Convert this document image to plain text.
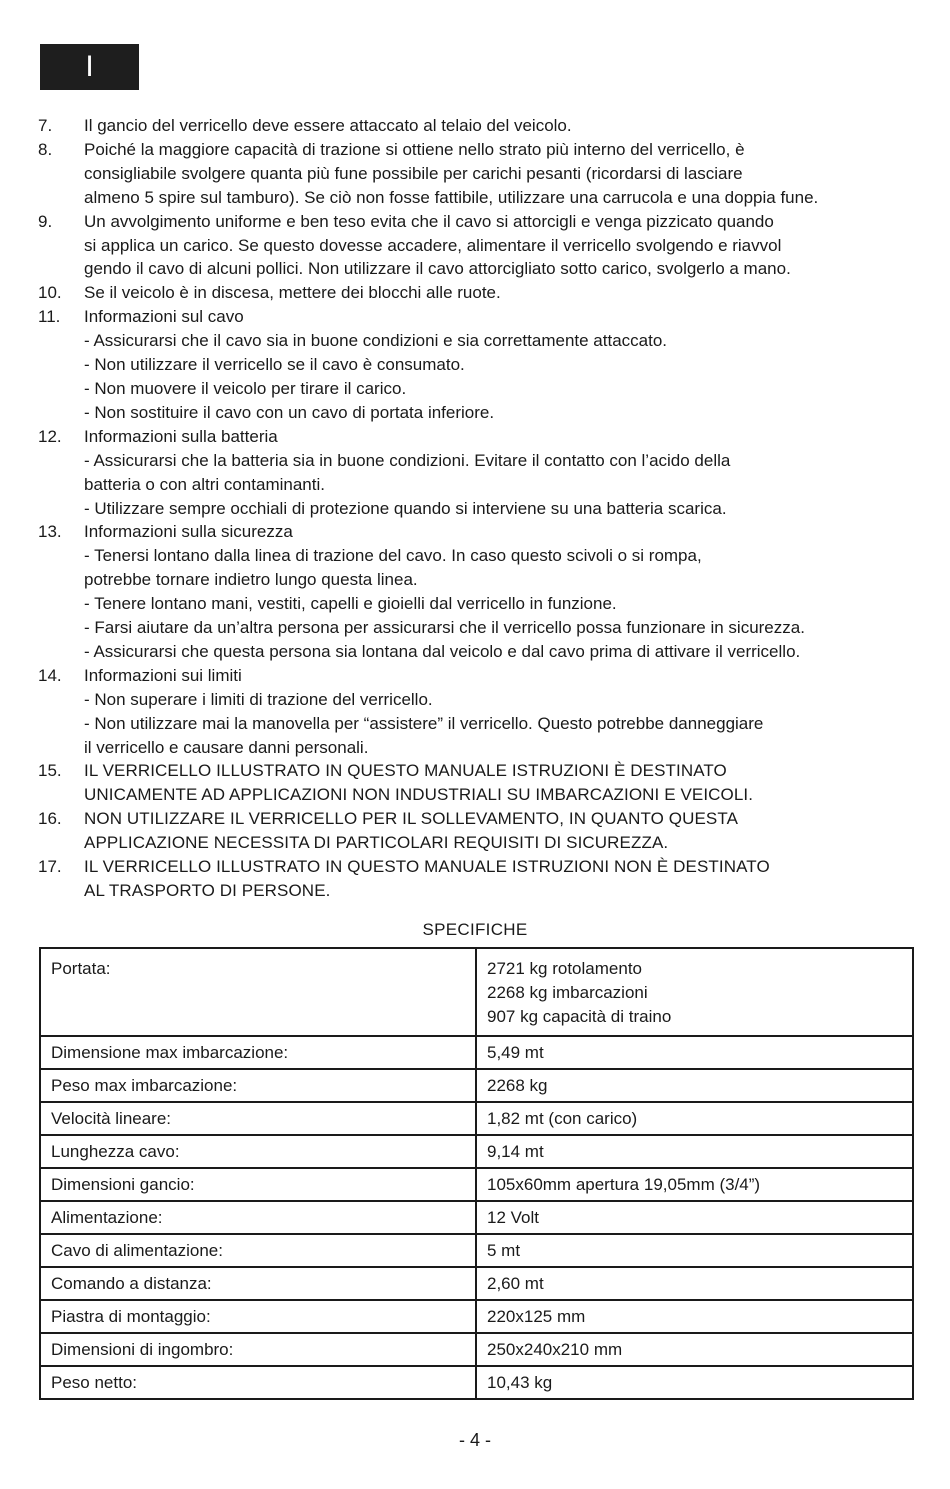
I
7.	Il gancio del verricello deve essere attaccato al telaio del veicolo.
8.	Poiché la maggiore capacità di trazione si ottiene nello strato più interno del verricello, è
consigliabile svolgere quanta più fune possibile per carichi pesanti (ricordarsi di lasciare
almeno 5 spire sul tamburo). Se ciò non fosse fattibile, utilizzare una carrucola e una doppia fune.
9.	Un avvolgimento uniforme e ben teso evita che il cavo si attorcigli e venga pizzicato quando
si applica un carico. Se questo dovesse accadere, alimentare il verricello svolgendo e riavvol
gendo il cavo di alcuni pollici. Non utilizzare il cavo attorcigliato sotto carico, svolgerlo a mano.
10.	Se il veicolo è in discesa, mettere dei blocchi alle ruote.
11.	Informazioni sul cavo
- Assicurarsi che il cavo sia in buone condizioni e sia correttamente attaccato.
- Non utilizzare il verricello se il cavo è consumato.
- Non muovere il veicolo per tirare il carico.
- Non sostituire il cavo con un cavo di portata inferiore.
12.	Informazioni sulla batteria
- Assicurarsi che la batteria sia in buone condizioni. Evitare il contatto con l’acido della
batteria o con altri contaminanti.
- Utilizzare sempre occhiali di protezione quando si interviene su una batteria scarica.
13.	Informazioni sulla sicurezza
- Tenersi lontano dalla linea di trazione del cavo. In caso questo scivoli o si rompa,
potrebbe tornare indietro lungo questa linea.
- Tenere lontano mani, vestiti, capelli e gioielli dal verricello in funzione.
- Farsi aiutare da un’altra persona per assicurarsi che il verricello possa funzionare in sicurezza.
- Assicurarsi che questa persona sia lontana dal veicolo e dal cavo prima di attivare il verricello.
14.	Informazioni sui limiti
- Non superare i limiti di trazione del verricello.
- Non utilizzare mai la manovella per “assistere” il verricello. Questo potrebbe danneggiare
il verricello e causare danni personali.
15.	IL VERRICELLO ILLUSTRATO IN QUESTO MANUALE ISTRUZIONI È DESTINATO
UNICAMENTE AD APPLICAZIONI NON INDUSTRIALI SU IMBARCAZIONI E VEICOLI.
16.	NON UTILIZZARE IL VERRICELLO PER IL SOLLEVAMENTO, IN QUANTO QUESTA
APPLICAZIONE NECESSITA DI PARTICOLARI REQUISITI DI SICUREZZA.
17.	IL VERRICELLO ILLUSTRATO IN QUESTO MANUALE ISTRUZIONI NON È DESTINATO
AL TRASPORTO DI PERSONE.
SPECIFICHE
Portata:	2721 kg rotolamento
2268 kg imbarcazioni
907 kg capacità di traino

Dimensione max imbarcazione:	5,49 mt

Peso max imbarcazione:	2268 kg

Velocità lineare:	1,82 mt (con carico)

Lunghezza cavo:	9,14 mt

Dimensioni gancio:	105x60mm apertura 19,05mm (3/4”)

Alimentazione:	12 Volt

Cavo di alimentazione:	5 mt

Comando a distanza:	2,60 mt

Piastra di montaggio:	220x125 mm

Dimensioni di ingombro:	250x240x210 mm

Peso netto:	10,43 kg
- 4 -
